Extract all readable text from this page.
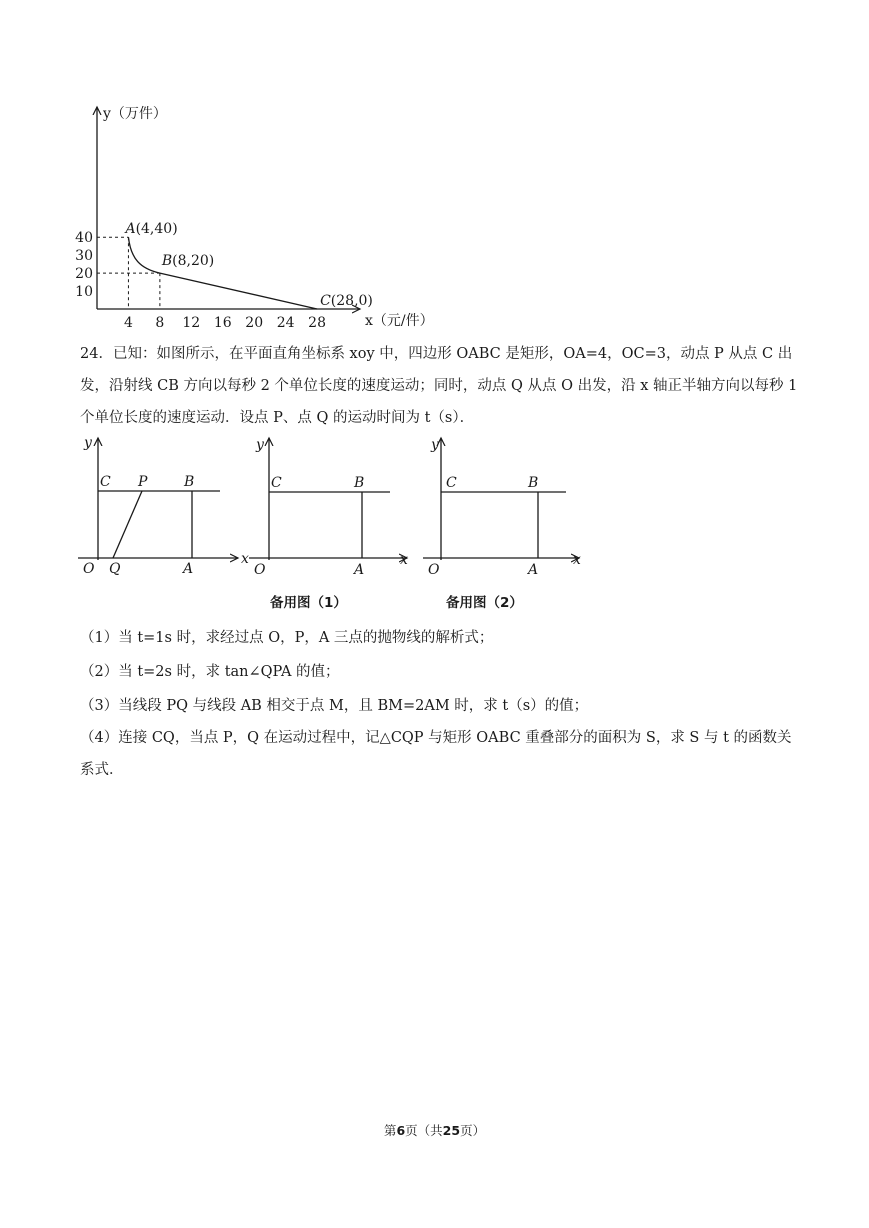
4 8 12 16 20 24 28
10
20
30
40
A(4,40)
B(8,20)
C(28,0)
y（万件）
x（元/件）
24．已知：如图所示，在平面直角坐标系 xoy 中，四边形 OABC 是矩形，OA=4，OC=3，动点 P 从点 C 出发，沿射线 CB 方向以每秒 2 个单位长度的速度运动；同时，动点 Q 从点 O 出发，沿 x 轴正半轴方向以每秒 1 个单位长度的速度运动．设点 P、点 Q 的运动时间为 t（s）．
y
x
O Q	A
C P	B
y
x
O	A
C	B
备用图（1）
y
x
O	A
C	B
备用图（2）
（1）当 t=1s 时，求经过点 O，P，A 三点的抛物线的解析式；
（2）当 t=2s 时，求 tan∠QPA 的值；
（3）当线段 PQ 与线段 AB 相交于点 M，且 BM=2AM 时，求 t（s）的值；
（4）连接 CQ，当点 P，Q 在运动过程中，记△CQP 与矩形 OABC 重叠部分的面积为 S，求 S 与 t 的函数关系式．
第6页（共25页）
